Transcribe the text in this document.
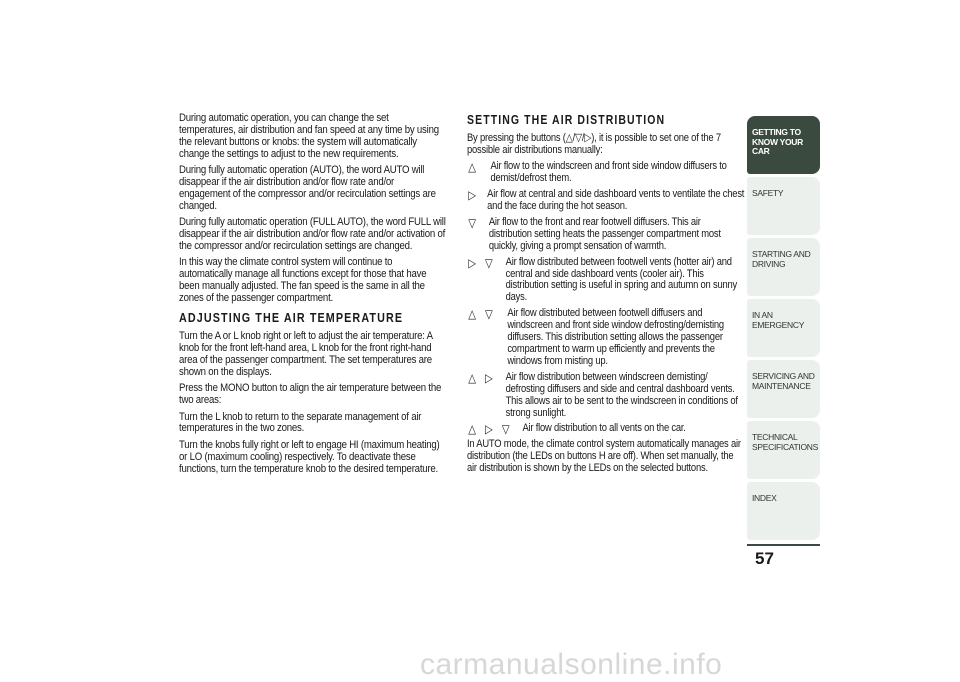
During automatic operation, you can change the set temperatures, air distribution and fan speed at any time by using the relevant buttons or knobs: the system will automatically change the settings to adjust to the new requirements.

During fully automatic operation (AUTO), the word AUTO will disappear if the air distribution and/or flow rate and/or engagement of the compressor and/or recirculation settings are changed.

During fully automatic operation (FULL AUTO), the word FULL will disappear if the air distribution and/or flow rate and/or activation of the compressor and/or recirculation settings are changed.

In this way the climate control system will continue to automatically manage all functions except for those that have been manually adjusted. The fan speed is the same in all the zones of the passenger compartment.

ADJUSTING THE AIR TEMPERATURE

Turn the A or L knob right or left to adjust the air temperature: A knob for the front left-hand area, L knob for the front right-hand area of the passenger compartment. The set temperatures are shown on the displays.

Press the MONO button to align the air temperature between the two areas:

Turn the L knob to return to the separate management of air temperatures in the two zones.

Turn the knobs fully right or left to engage HI (maximum heating) or LO (maximum cooling) respectively. To deactivate these functions, turn the temperature knob to the desired temperature.

SETTING THE AIR DISTRIBUTION

By pressing the buttons (△/▽/▷), it is possible to set one of the 7 possible air distributions manually:

△	Air flow to the windscreen and front side window diffusers to demist/defrost them.
▷	Air flow at central and side dashboard vents to ventilate the chest and the face during the hot season.
▽	Air flow to the front and rear footwell diffusers. This air distribution setting heats the passenger compartment most quickly, giving a prompt sensation of warmth.
▷ ▽	Air flow distributed between footwell vents (hotter air) and central and side dashboard vents (cooler air). This distribution setting is useful in spring and autumn on sunny days.
△ ▽	Air flow distributed between footwell diffusers and windscreen and front side window defrosting/demisting diffusers. This distribution setting allows the passenger compartment to warm up efficiently and prevents the windows from misting up.
△ ▷	Air flow distribution between windscreen demisting/ defrosting diffusers and side and central dashboard vents. This allows air to be sent to the windscreen in conditions of strong sunlight.
△ ▷ ▽	Air flow distribution to all vents on the car.

In AUTO mode, the climate control system automatically manages air distribution (the LEDs on buttons H are off). When set manually, the air distribution is shown by the LEDs on the selected buttons.

GETTING TO KNOW YOUR CAR
SAFETY
STARTING AND DRIVING
IN AN EMERGENCY
SERVICING AND MAINTENANCE
TECHNICAL SPECIFICATIONS
INDEX
57
carmanualsonline.info
